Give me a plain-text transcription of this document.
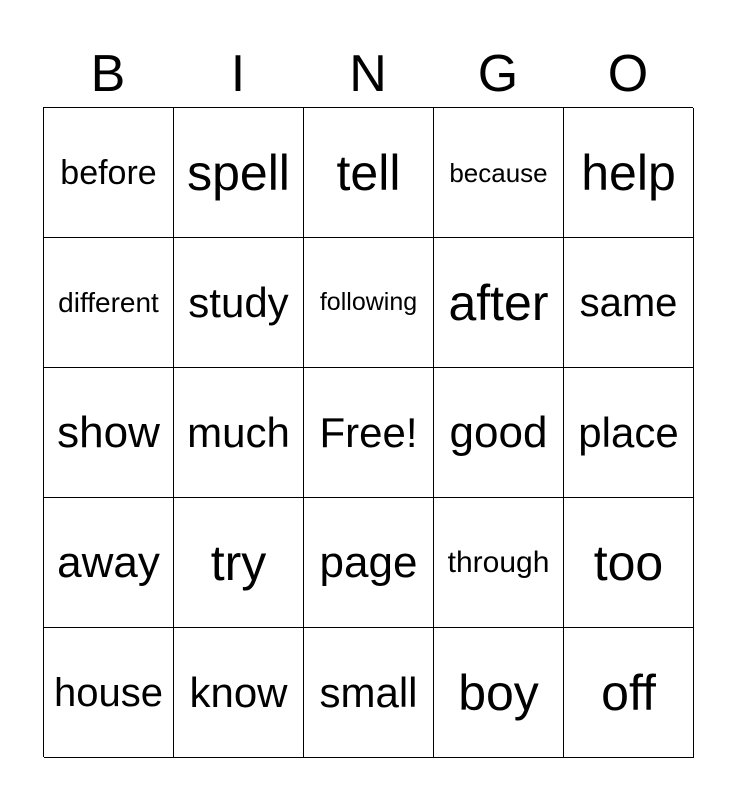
B	I	N	G	O
before spell tell	because help
different study	following after same
show much Free! good place
away	try	page	through too
house know small boy	off
